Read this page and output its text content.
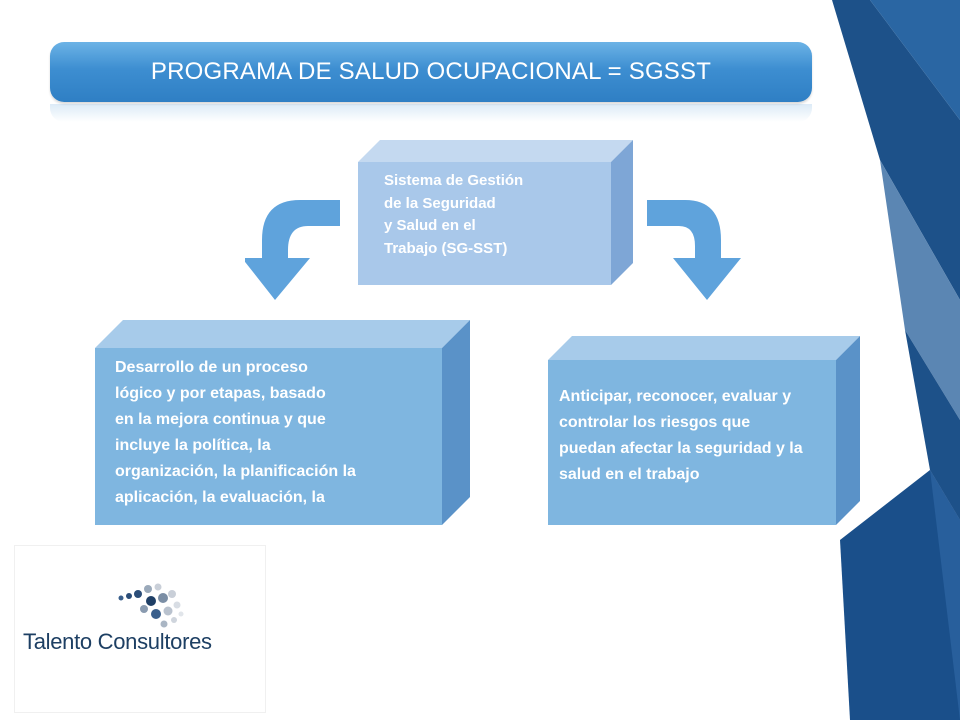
PROGRAMA DE SALUD OCUPACIONAL = SGSST
Sistema de Gestión
de la Seguridad
y Salud en el
Trabajo (SG-SST)
Desarrollo de un proceso
lógico y por etapas, basado
en la mejora continua y que
incluye la política, la
organización, la planificación la
aplicación, la evaluación, la
Anticipar, reconocer, evaluar y
controlar los riesgos que
puedan afectar la seguridad y la
salud en el trabajo
Talento Consultores
